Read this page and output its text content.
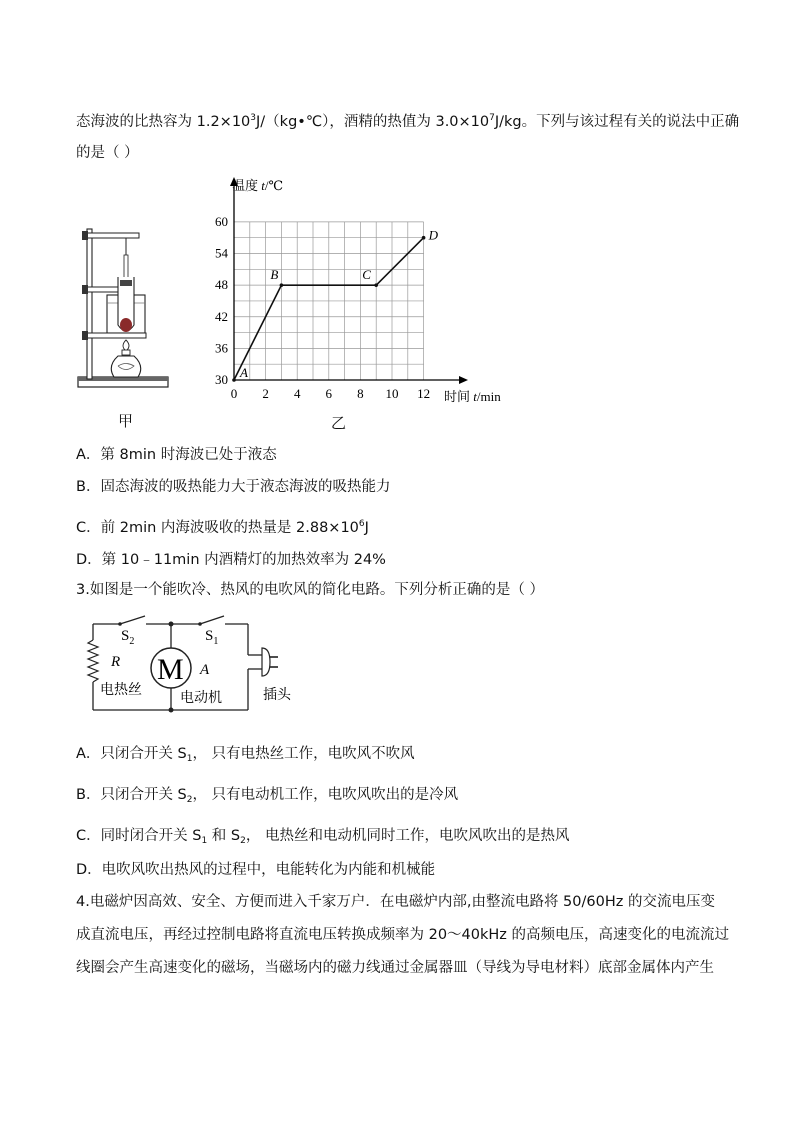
态海波的比热容为 $1.2\times 10^3J/(kg•℃)$，酒精的热值为 $3.0\times 10^7J/kg$。下列与该过程有关的说法中正确
的是（ ）
甲
0 2 4 6 8 10 12
30
36
42
48
54
60
A
B	C
D
温度 t/℃
时间 t/min
乙
A．第 8min 时海波已处于液态
B．固态海波的吸热能力大于液态海波的吸热能力
C．前 2min 内海波吸收的热量是 $2.88\times 10^6J$
D．第 10﹣11min 内酒精灯的加热效率为 24%
3.如图是一个能吹冷、热风的电吹风的简化电路。下列分析正确的是（ ）
$S_2$	$S_1$
R M A
电热丝
电动机	插头
A．只闭合开关 $S_1$， 只有电热丝工作，电吹风不吹风
B．只闭合开关 $S_2$， 只有电动机工作，电吹风吹出的是冷风
C．同时闭合开关 $S_1$ 和 $S_2$， 电热丝和电动机同时工作，电吹风吹出的是热风
D．电吹风吹出热风的过程中，电能转化为内能和机械能
4.电磁炉因高效、安全、方便而进入千家万户．在电磁炉内部,由整流电路将 50/60Hz 的交流电压变
成直流电压，再经过控制电路将直流电压转换成频率为 20～40kHz 的高频电压，高速变化的电流流过
线圈会产生高速变化的磁场，当磁场内的磁力线通过金属器皿（导线为导电材料）底部金属体内产生
